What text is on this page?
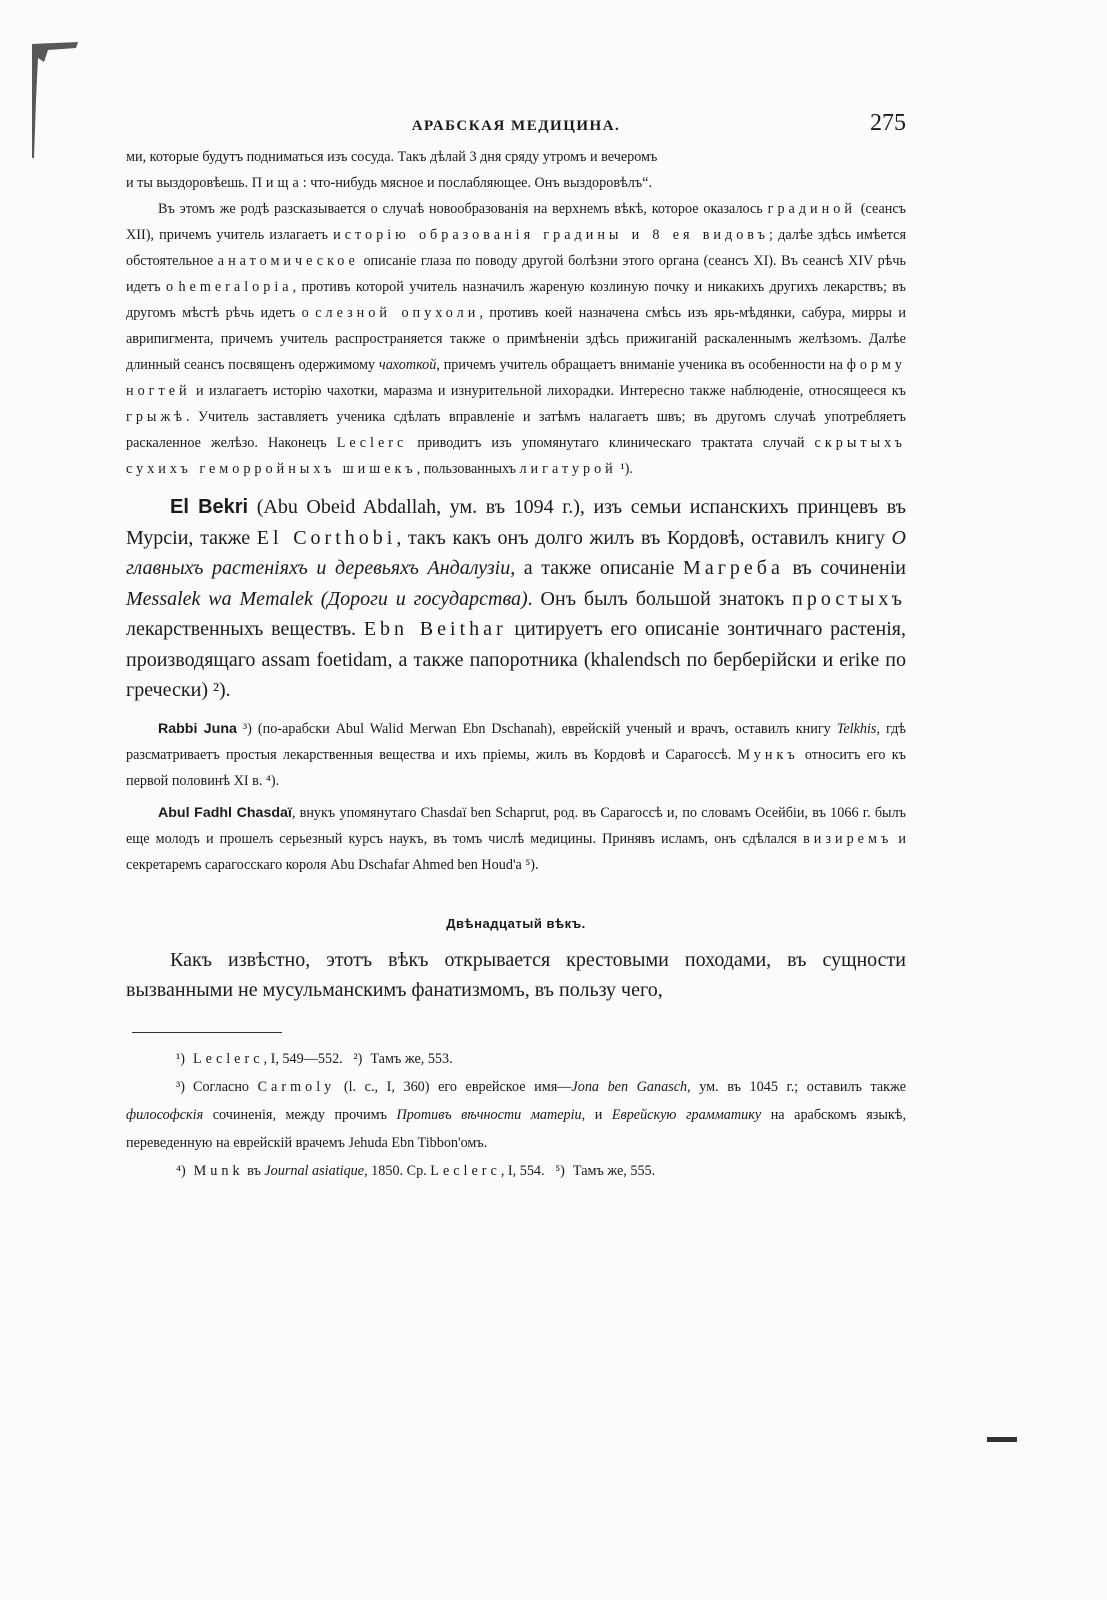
АРАБСКАЯ МЕДИЦИНА.	275

ми, которые будутъ подниматься изъ сосуда. Такъ дѣлай 3 дня сряду утромъ и вечеромъ
и ты выздоровѣешь. Пища: что-нибудь мясное и послабляющее. Онъ выздоровѣлъ“.

Въ этомъ же родѣ разсказывается о случаѣ новообразованія на верхнемъ вѣкѣ, которое оказалось градиной (сеансъ XII), причемъ учитель излагаетъ исторію образованія градины и 8 ея видовъ; далѣе здѣсь имѣется обстоятельное анатомическое описаніе глаза по поводу другой болѣзни этого органа (сеансъ XI). Въ сеансѣ XIV рѣчь идетъ о hemeralopia, противъ которой учитель назначилъ жареную козлиную почку и никакихъ другихъ лекарствъ; въ другомъ мѣстѣ рѣчь идетъ о слезной опухоли, противъ коей назначена смѣсь изъ ярь-мѣдянки, сабура, мирры и аврипигмента, причемъ учитель распространяется также о примѣненіи здѣсь прижиганій раскаленнымъ желѣзомъ. Далѣе длинный сеансъ посвященъ одержимому чахоткой, причемъ учитель обращаетъ вниманіе ученика въ особенности на форму ногтей и излагаетъ исторію чахотки, маразма и изнурительной лихорадки. Интересно также наблюденіе, относящееся къ грыжѣ. Учитель заставляетъ ученика сдѣлать вправленіе и затѣмъ налагаетъ швъ; въ другомъ случаѣ употребляетъ раскаленное желѣзо. Наконецъ Leclerc приводитъ изъ упомянутаго клиническаго трактата случай скрытыхъ сухихъ геморройныхъ шишекъ, пользованныхъ лигатурой ¹).

El Bekri (Abu Obeid Abdallah, ум. въ 1094 г.), изъ семьи испанскихъ принцевъ въ Мурсіи, также El Corthobi, такъ какъ онъ долго жилъ въ Кордовѣ, оставилъ книгу О главныхъ растеніяхъ и деревьяхъ Андалузіи, а также описаніе Магреба въ сочиненіи Messalek wa Memalek (Дороги и государства). Онъ былъ большой знатокъ простыхъ лекарственныхъ веществъ. Ebn Beithar цитируетъ его описаніе зонтичнаго растенія, производящаго assam foetidam, а также папоротника (khalendsch по берберійски и erike по гречески) ²).

Rabbi Juna ³) (по-арабски Abul Walid Merwan Ebn Dschanah), еврейскій ученый и врачъ, оставилъ книгу Telkhis, гдѣ разсматриваетъ простыя лекарственныя вещества и ихъ пріемы, жилъ въ Кордовѣ и Сарагоссѣ. Мункъ относитъ его къ первой половинѣ XI в. ⁴).

Abul Fadhl Chasdaï, внукъ упомянутаго Chasdaï ben Schaprut, род. въ Сарагоссѣ и, по словамъ Осейбіи, въ 1066 г. былъ еще молодъ и прошелъ серьезный курсъ наукъ, въ томъ числѣ медицины. Принявъ исламъ, онъ сдѣлался визиремъ и секретаремъ сарагосскаго короля Abu Dschafar Ahmed ben Houd'a ⁵).

Двѣнадцатый вѣкъ.

Какъ извѣстно, этотъ вѣкъ открывается крестовыми походами, въ сущности вызванными не мусульманскимъ фанатизмомъ, въ пользу чего,

¹) Leclerc, I, 549—552. ²) Тамъ же, 553.

³) Согласно Carmoly (l. c., I, 360) его еврейское имя—Jona ben Ganasch, ум. въ 1045 г.; оставилъ также философскія сочиненія, между прочимъ Противъ вѣчности матеріи, и Еврейскую грамматику на арабскомъ языкѣ, переведенную на еврейскій врачемъ Jehuda Ebn Tibbon'омъ.

⁴) Munk въ Journal asiatique, 1850. Ср. Leclerc, I, 554. ⁵) Тамъ же, 555.
